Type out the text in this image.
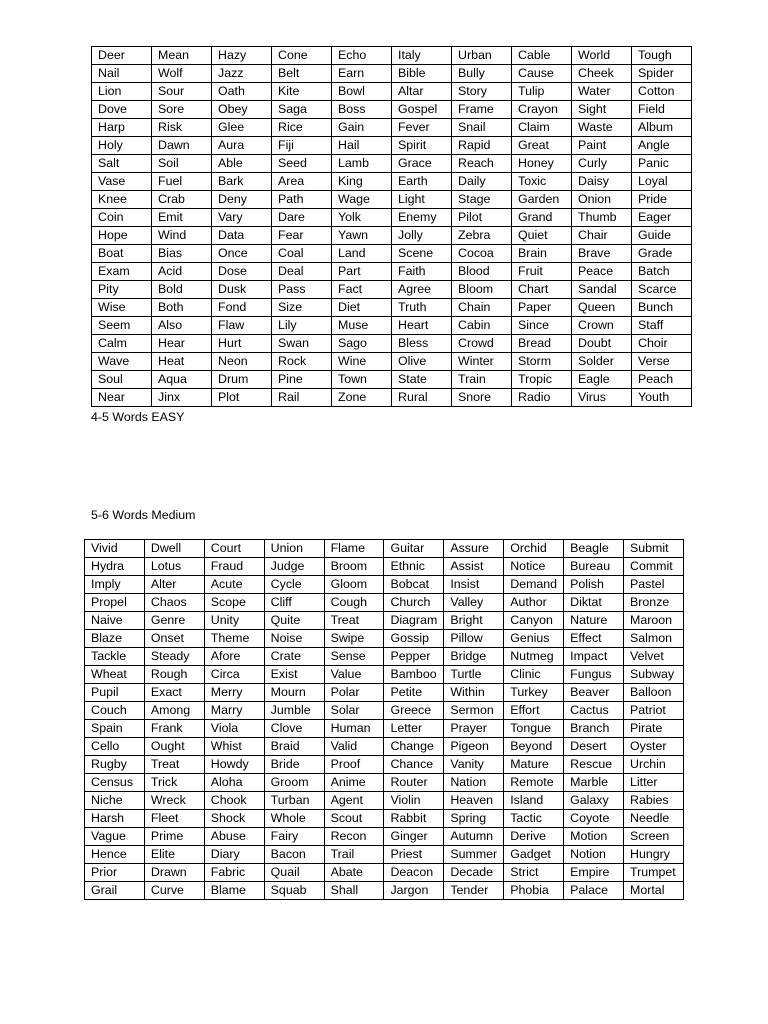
Deer	Mean	Hazy	Cone	Echo	Italy	Urban	Cable	World	Tough
Nail	Wolf	Jazz	Belt	Earn	Bible	Bully	Cause	Cheek	Spider
Lion	Sour	Oath	Kite	Bowl	Altar	Story	Tulip	Water	Cotton
Dove	Sore	Obey	Saga	Boss	Gospel	Frame	Crayon	Sight	Field
Harp	Risk	Glee	Rice	Gain	Fever	Snail	Claim	Waste	Album
Holy	Dawn	Aura	Fiji	Hail	Spirit	Rapid	Great	Paint	Angle
Salt	Soil	Able	Seed	Lamb	Grace	Reach	Honey	Curly	Panic
Vase	Fuel	Bark	Area	King	Earth	Daily	Toxic	Daisy	Loyal
Knee	Crab	Deny	Path	Wage	Light	Stage	Garden	Onion	Pride
Coin	Emit	Vary	Dare	Yolk	Enemy	Pilot	Grand	Thumb	Eager
Hope	Wind	Data	Fear	Yawn	Jolly	Zebra	Quiet	Chair	Guide
Boat	Bias	Once	Coal	Land	Scene	Cocoa	Brain	Brave	Grade
Exam	Acid	Dose	Deal	Part	Faith	Blood	Fruit	Peace	Batch
Pity	Bold	Dusk	Pass	Fact	Agree	Bloom	Chart	Sandal	Scarce
Wise	Both	Fond	Size	Diet	Truth	Chain	Paper	Queen	Bunch
Seem	Also	Flaw	Lily	Muse	Heart	Cabin	Since	Crown	Staff
Calm	Hear	Hurt	Swan	Sago	Bless	Crowd	Bread	Doubt	Choir
Wave	Heat	Neon	Rock	Wine	Olive	Winter	Storm	Solder	Verse
Soul	Aqua	Drum	Pine	Town	State	Train	Tropic	Eagle	Peach
Near	Jinx	Plot	Rail	Zone	Rural	Snore	Radio	Virus	Youth
4-5 Words EASY
5-6 Words Medium
Vivid	Dwell	Court	Union	Flame	Guitar	Assure	Orchid	Beagle	Submit
Hydra	Lotus	Fraud	Judge	Broom	Ethnic	Assist	Notice	Bureau	Commit
Imply	Alter	Acute	Cycle	Gloom	Bobcat	Insist	Demand	Polish	Pastel
Propel	Chaos	Scope	Cliff	Cough	Church	Valley	Author	Diktat	Bronze
Naive	Genre	Unity	Quite	Treat	Diagram	Bright	Canyon	Nature	Maroon
Blaze	Onset	Theme	Noise	Swipe	Gossip	Pillow	Genius	Effect	Salmon
Tackle	Steady	Afore	Crate	Sense	Pepper	Bridge	Nutmeg	Impact	Velvet
Wheat	Rough	Circa	Exist	Value	Bamboo	Turtle	Clinic	Fungus	Subway
Pupil	Exact	Merry	Mourn	Polar	Petite	Within	Turkey	Beaver	Balloon
Couch	Among	Marry	Jumble	Solar	Greece	Sermon	Effort	Cactus	Patriot
Spain	Frank	Viola	Clove	Human	Letter	Prayer	Tongue	Branch	Pirate
Cello	Ought	Whist	Braid	Valid	Change	Pigeon	Beyond	Desert	Oyster
Rugby	Treat	Howdy	Bride	Proof	Chance	Vanity	Mature	Rescue	Urchin
Census	Trick	Aloha	Groom	Anime	Router	Nation	Remote	Marble	Litter
Niche	Wreck	Chook	Turban	Agent	Violin	Heaven	Island	Galaxy	Rabies
Harsh	Fleet	Shock	Whole	Scout	Rabbit	Spring	Tactic	Coyote	Needle
Vague	Prime	Abuse	Fairy	Recon	Ginger	Autumn	Derive	Motion	Screen
Hence	Elite	Diary	Bacon	Trail	Priest	Summer	Gadget	Notion	Hungry
Prior	Drawn	Fabric	Quail	Abate	Deacon	Decade	Strict	Empire	Trumpet
Grail	Curve	Blame	Squab	Shall	Jargon	Tender	Phobia	Palace	Mortal
